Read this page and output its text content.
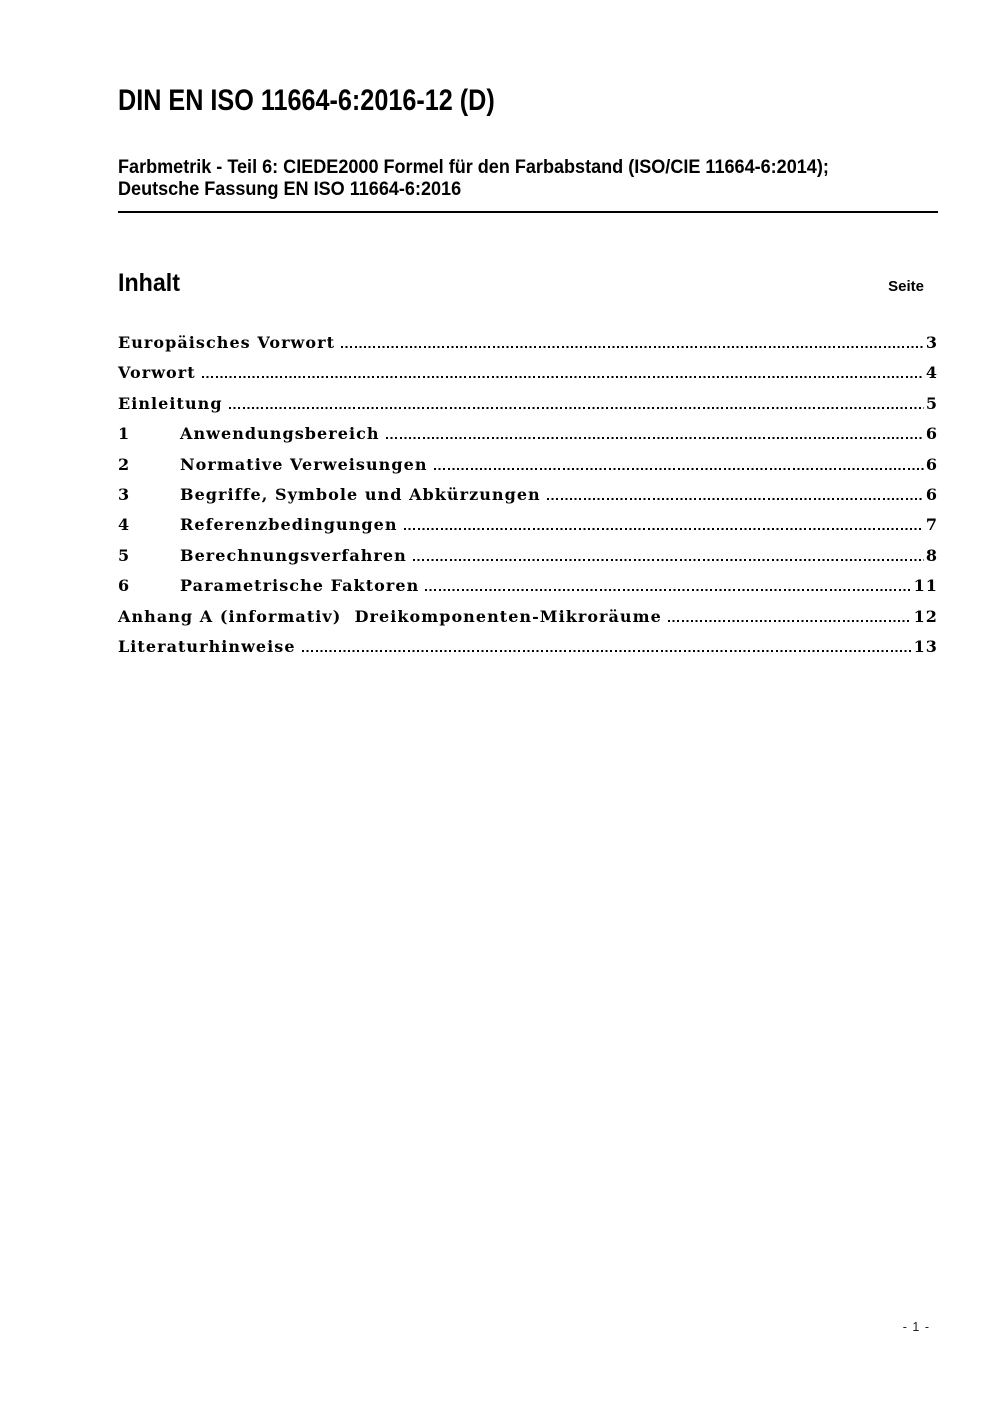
DIN EN ISO 11664-6:2016-12 (D)
Farbmetrik - Teil 6: CIEDE2000 Formel für den Farbabstand (ISO/CIE 11664-6:2014);
Deutsche Fassung EN ISO 11664-6:2016
Inhalt	Seite
Europäisches Vorwort	3
Vorwort	4
Einleitung	5
1	Anwendungsbereich	6
2	Normative Verweisungen	6
3	Begriffe, Symbole und Abkürzungen	6
4	Referenzbedingungen	7
5	Berechnungsverfahren	8
6	Parametrische Faktoren	11
Anhang A (informativ)  Dreikomponenten-Mikroräume	12
Literaturhinweise	13
- 1 -
